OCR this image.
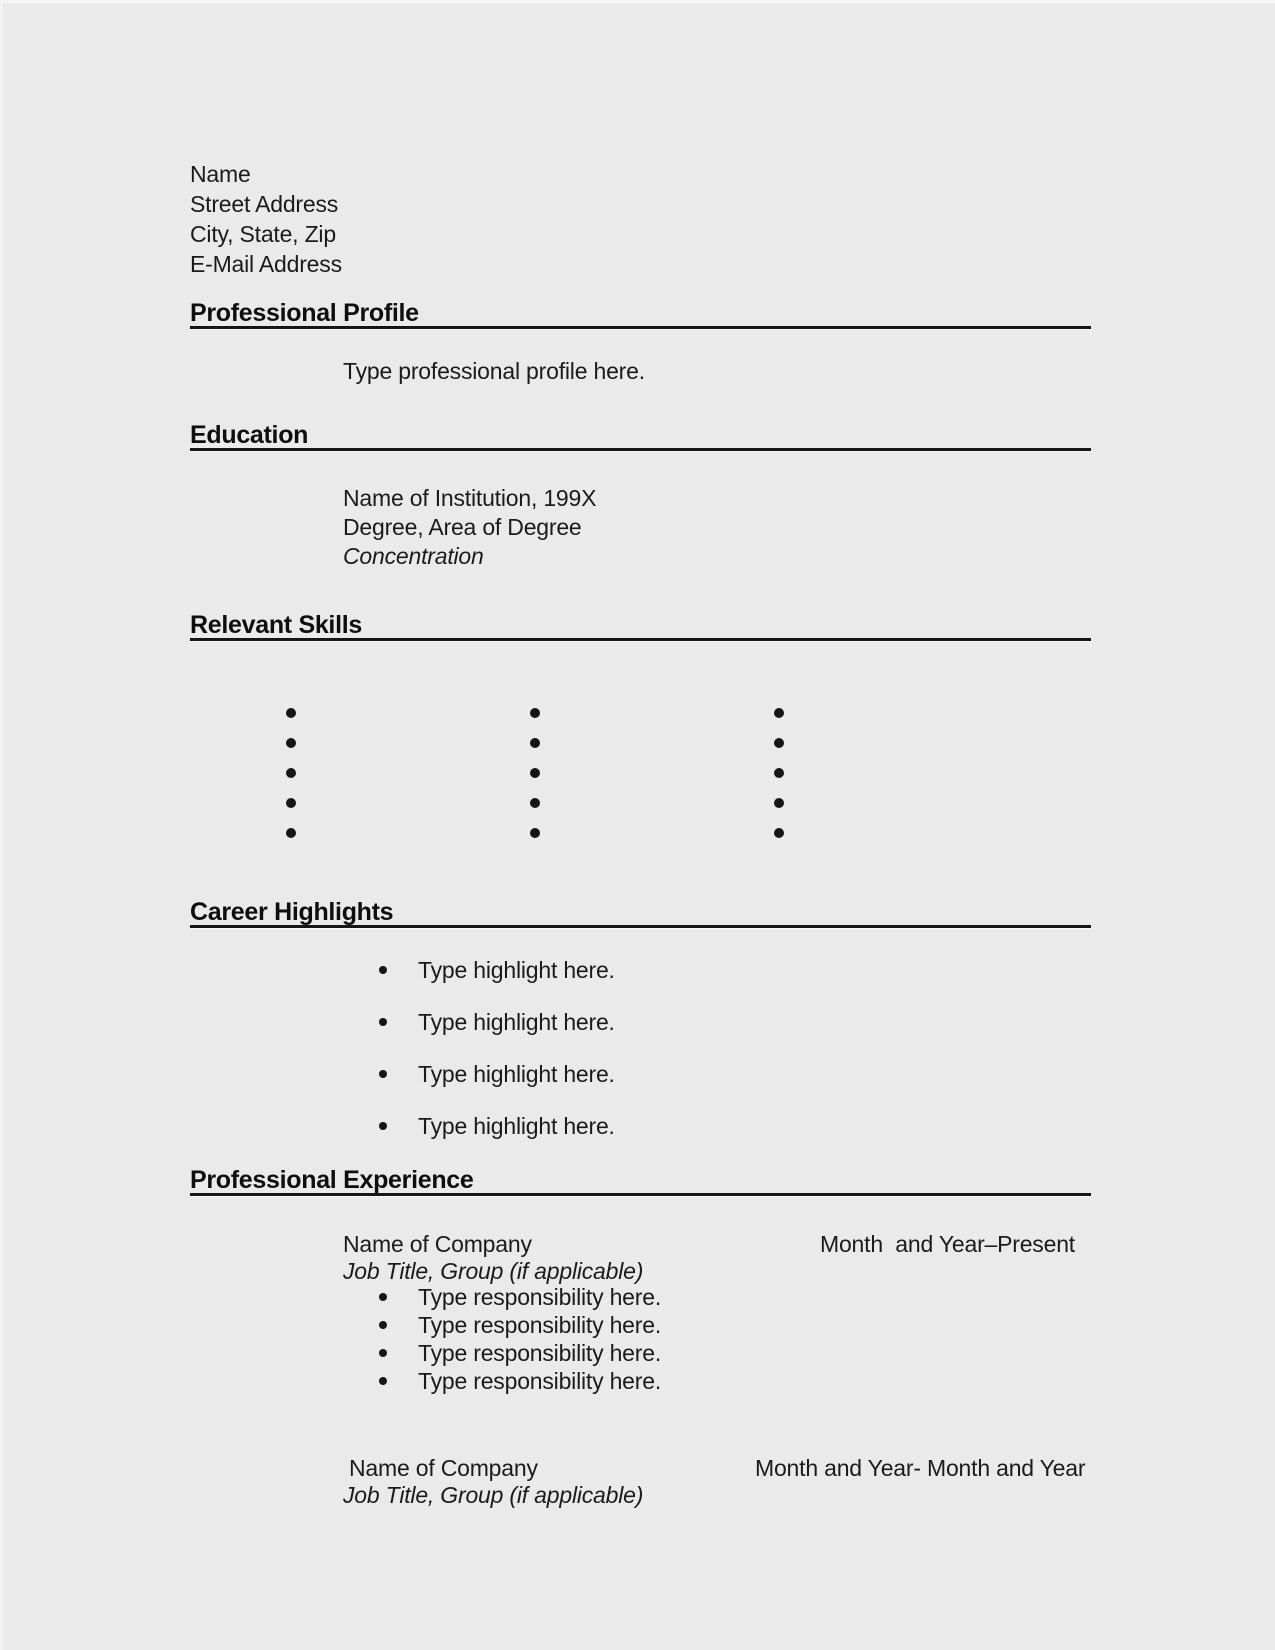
Name
Street Address
City, State, Zip
E-Mail Address
Professional Profile
Type professional profile here.
Education
Name of Institution, 199X
Degree, Area of Degree
Concentration
Relevant Skills
Career Highlights
Type highlight here.
Type highlight here.
Type highlight here.
Type highlight here.
Professional Experience
Name of Company	Month  and Year–Present
Job Title, Group (if applicable)
Type responsibility here.
Type responsibility here.
Type responsibility here.
Type responsibility here.
Name of Company	Month and Year- Month and Year
Job Title, Group (if applicable)
